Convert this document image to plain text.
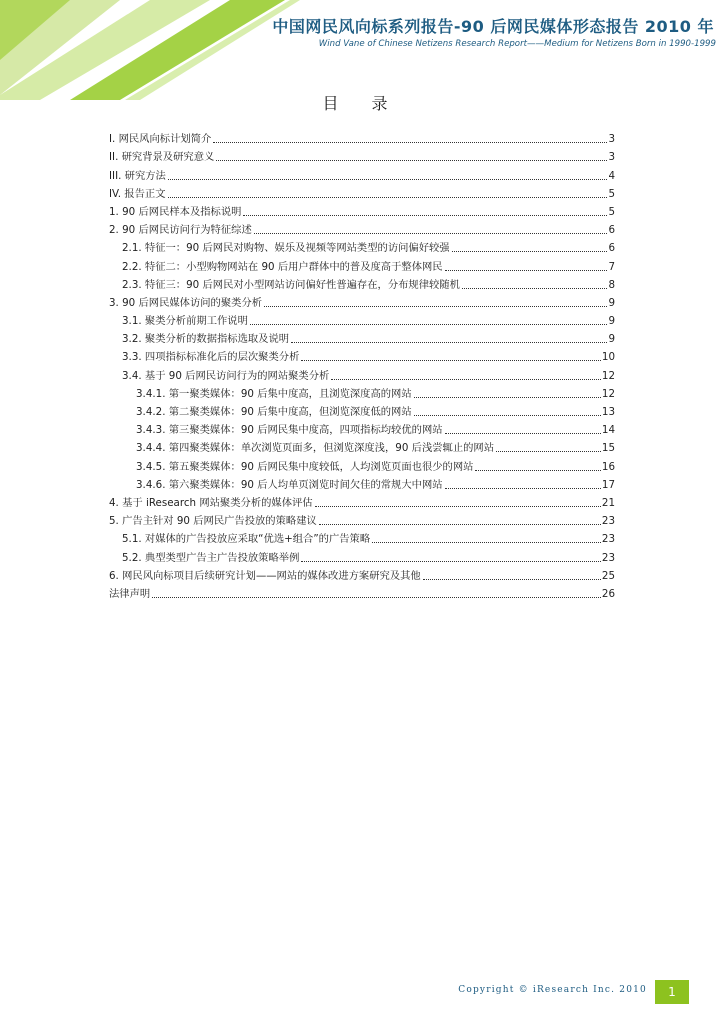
中国网民风向标系列报告-90 后网民媒体形态报告 2010 年
Wind Vane of Chinese Netizens Research Report——Medium for Netizens Born in 1990-1999
目 录
I. 网民风向标计划简介	3
II. 研究背景及研究意义	3
III. 研究方法	4
IV. 报告正文	5
1. 90 后网民样本及指标说明	5
2. 90 后网民访问行为特征综述	6
2.1. 特征一：90 后网民对购物、娱乐及视频等网站类型的访问偏好较强	6
2.2. 特征二：小型购物网站在 90 后用户群体中的普及度高于整体网民	7
2.3. 特征三：90 后网民对小型网站访问偏好性普遍存在，分布规律较随机	8
3. 90 后网民媒体访问的聚类分析	9
3.1. 聚类分析前期工作说明	9
3.2. 聚类分析的数据指标选取及说明	9
3.3. 四项指标标准化后的层次聚类分析	10
3.4. 基于 90 后网民访问行为的网站聚类分析	12
3.4.1. 第一聚类媒体：90 后集中度高，且浏览深度高的网站	12
3.4.2. 第二聚类媒体：90 后集中度高，但浏览深度低的网站	13
3.4.3. 第三聚类媒体：90 后网民集中度高，四项指标均较优的网站	14
3.4.4. 第四聚类媒体：单次浏览页面多，但浏览深度浅，90 后浅尝辄止的网站	15
3.4.5. 第五聚类媒体：90 后网民集中度较低，人均浏览页面也很少的网站	16
3.4.6. 第六聚类媒体：90 后人均单页浏览时间欠佳的常规大中网站	17
4. 基于 iResearch 网站聚类分析的媒体评估	21
5. 广告主针对 90 后网民广告投放的策略建议	23
5.1. 对媒体的广告投放应采取“优选+组合”的广告策略	23
5.2. 典型类型广告主广告投放策略举例	23
6. 网民风向标项目后续研究计划——网站的媒体改进方案研究及其他	25
法律声明	26
Copyright © iResearch Inc. 2010	1
